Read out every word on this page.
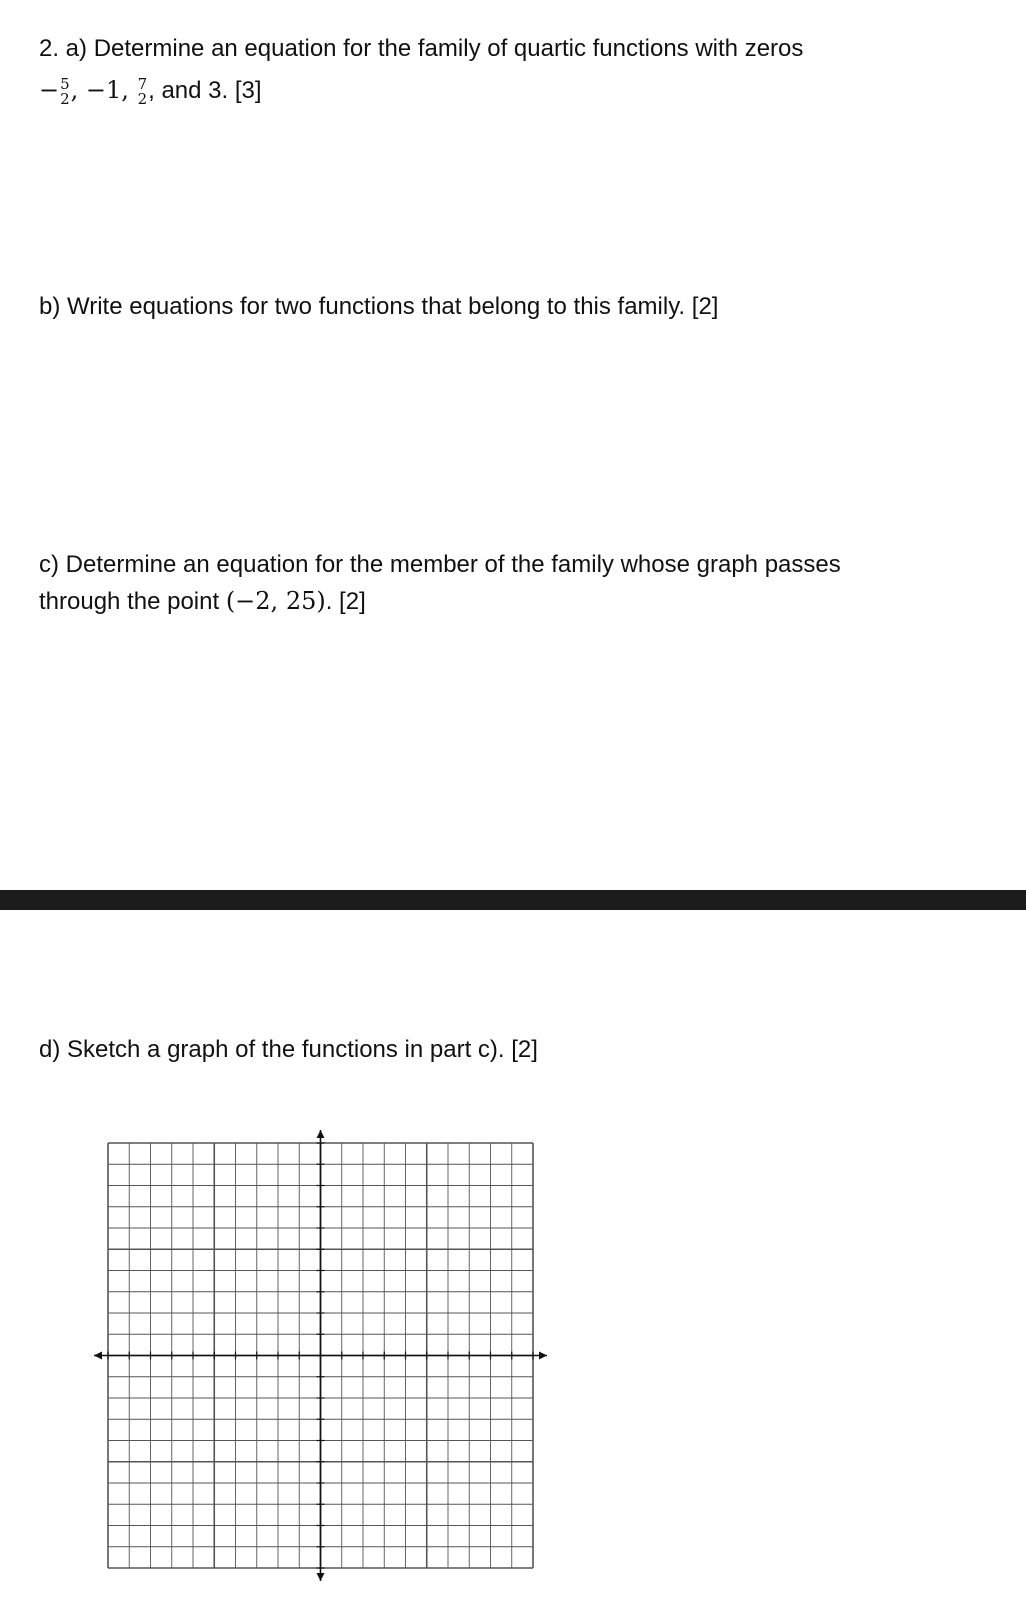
2. a) Determine an equation for the family of quartic functions with zeros

− 5
2 , −1, 7
2 , and 3. [3]

b) Write equations for two functions that belong to this family. [2]

c) Determine an equation for the member of the family whose graph passes

through the point (−2, 25). [2]

d) Sketch a graph of the functions in part c). [2]
